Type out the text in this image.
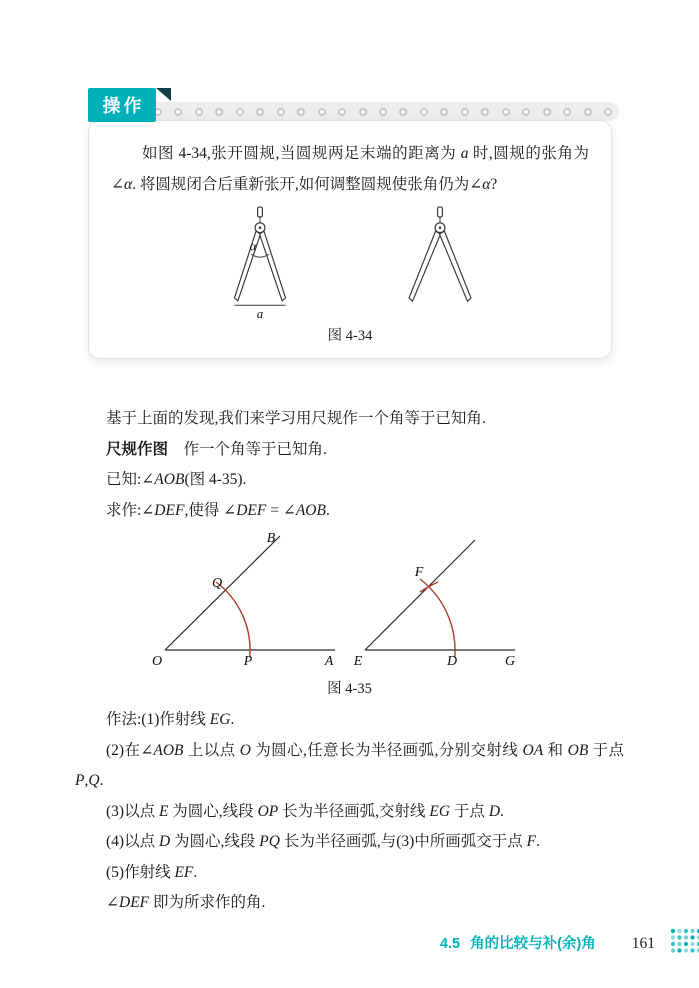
操作

如图 4-34,张开圆规,当圆规两足末端的距离为 a 时,圆规的张角为∠α. 将圆规闭合后重新张开,如何调整圆规使张角仍为∠α?

α
a
图 4-34

基于上面的发现,我们来学习用尺规作一个角等于已知角.

尺规作图　作一个角等于已知角.

已知:∠AOB(图 4-35).

求作:∠DEF,使得 ∠DEF = ∠AOB.

O	P	A
Q
B
E	D	G
F
图 4-35

作法:(1)作射线 EG.

(2)在∠AOB 上以点 O 为圆心,任意长为半径画弧,分别交射线 OA 和 OB 于点 P,Q.

(3)以点 E 为圆心,线段 OP 长为半径画弧,交射线 EG 于点 D.

(4)以点 D 为圆心,线段 PQ 长为半径画弧,与(3)中所画弧交于点 F.

(5)作射线 EF.

∠DEF 即为所求作的角.

4.5 角的比较与补(余)角 161
